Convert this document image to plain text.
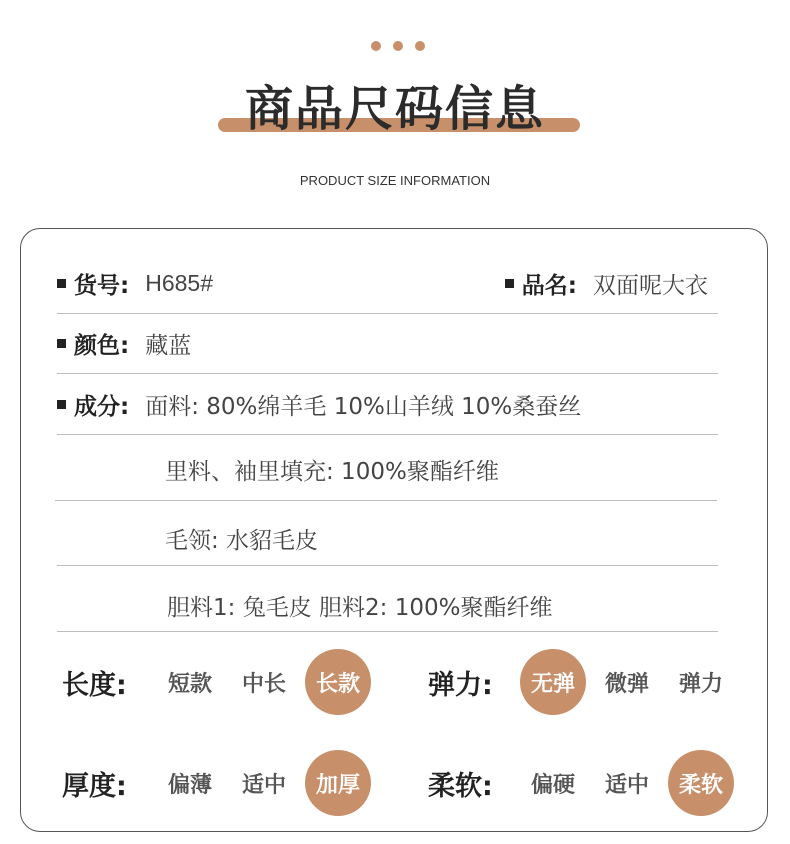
商品尺码信息
PRODUCT SIZE INFORMATION
货号: H685#	品名: 双面呢大衣
颜色: 藏蓝
成分: 面料: 80%绵羊毛 10%山羊绒 10%桑蚕丝
里料、袖里填充: 100%聚酯纤维
毛领: 水貂毛皮
胆料1: 兔毛皮 胆料2: 100%聚酯纤维
长度:	短款	中长	长款	弹力:	无弹	微弹	弹力
厚度:	偏薄	适中	加厚	柔软:	偏硬	适中	柔软
